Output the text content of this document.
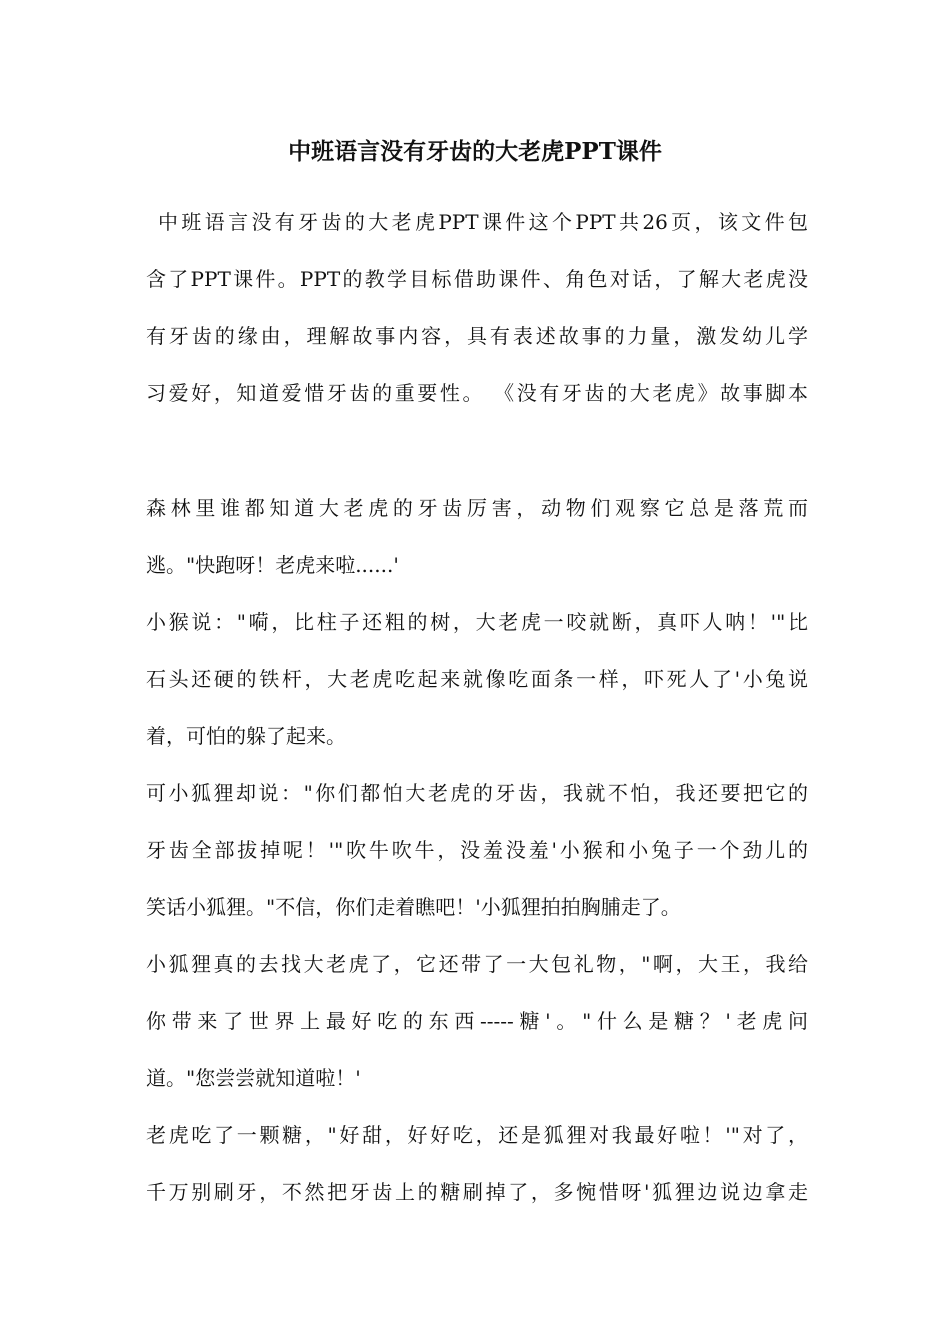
中班语言没有牙齿的大老虎PPT课件

中班语言没有牙齿的大老虎PPT课件这个PPT共26页，该文件包

含了PPT课件。PPT的教学目标借助课件、角色对话，了解大老虎没

有牙齿的缘由，理解故事内容，具有表述故事的力量，激发幼儿学

习爱好，知道爱惜牙齿的重要性。 《没有牙齿的大老虎》故事脚本

森林里谁都知道大老虎的牙齿厉害，动物们观察它总是落荒而

逃。"快跑呀！老虎来啦......'

小猴说："嗬，比柱子还粗的树，大老虎一咬就断，真吓人呐！'"比

石头还硬的铁杆，大老虎吃起来就像吃面条一样，吓死人了'小兔说

着，可怕的躲了起来。

可小狐狸却说："你们都怕大老虎的牙齿，我就不怕，我还要把它的

牙齿全部拔掉呢！'"吹牛吹牛，没羞没羞'小猴和小兔子一个劲儿的

笑话小狐狸。"不信，你们走着瞧吧！'小狐狸拍拍胸脯走了。

小狐狸真的去找大老虎了，它还带了一大包礼物，"啊，大王，我给

你带来了世界上最好吃的东西-----糖'。"什么是糖？'老虎问

道。"您尝尝就知道啦！'

老虎吃了一颗糖，"好甜，好好吃，还是狐狸对我最好啦！'"对了，

千万别刷牙，不然把牙齿上的糖刷掉了，多惋惜呀'狐狸边说边拿走
